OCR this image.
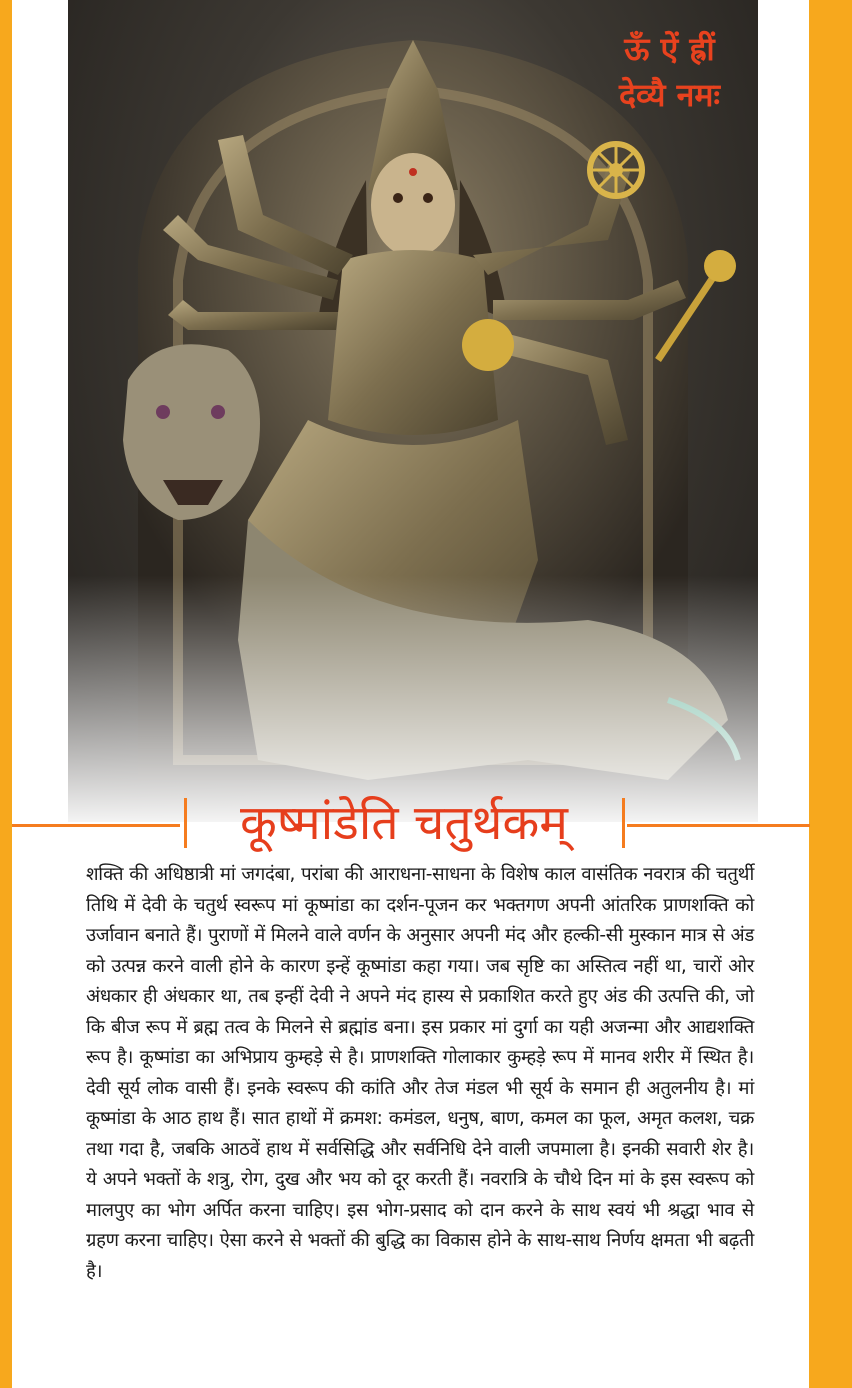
ऊँ ऐं ह्रीं
देव्यै नमः
कूष्मांडेति चतुर्थकम्
शक्ति की अधिष्ठात्री मां जगदंबा, परांबा की आराधना-साधना के विशेष काल वासंतिक नवरात्र की चतुर्थी तिथि में देवी के चतुर्थ स्वरूप मां कूष्मांडा का दर्शन-पूजन कर भक्तगण अपनी आंतरिक प्राणशक्ति को उर्जावान बनाते हैं। पुराणों में मिलने वाले वर्णन के अनुसार अपनी मंद और हल्की-सी मुस्कान मात्र से अंड को उत्पन्न करने वाली होने के कारण इन्हें कूष्मांडा कहा गया। जब सृष्टि का अस्तित्व नहीं था, चारों ओर अंधकार ही अंधकार था, तब इन्हीं देवी ने अपने मंद हास्य से प्रकाशित करते हुए अंड की उत्पत्ति की, जो कि बीज रूप में ब्रह्म तत्व के मिलने से ब्रह्मांड बना। इस प्रकार मां दुर्गा का यही अजन्मा और आद्यशक्ति रूप है। कूष्मांडा का अभिप्राय कुम्हड़े से है। प्राणशक्ति गोलाकार कुम्हड़े रूप में मानव शरीर में स्थित है। देवी सूर्य लोक वासी हैं। इनके स्वरूप की कांति और तेज मंडल भी सूर्य के समान ही अतुलनीय है। मां कूष्मांडा के आठ हाथ हैं। सात हाथों में क्रमश: कमंडल, धनुष, बाण, कमल का फूल, अमृत कलश, चक्र तथा गदा है, जबकि आठवें हाथ में सर्वसिद्धि और सर्वनिधि देने वाली जपमाला है। इनकी सवारी शेर है। ये अपने भक्तों के शत्रु, रोग, दुख और भय को दूर करती हैं। नवरात्रि के चौथे दिन मां के इस स्वरूप को मालपुए का भोग अर्पित करना चाहिए। इस भोग-प्रसाद को दान करने के साथ स्वयं भी श्रद्धा भाव से ग्रहण करना चाहिए। ऐसा करने से भक्तों की बुद्धि का विकास होने के साथ-साथ निर्णय क्षमता भी बढ़ती है।
